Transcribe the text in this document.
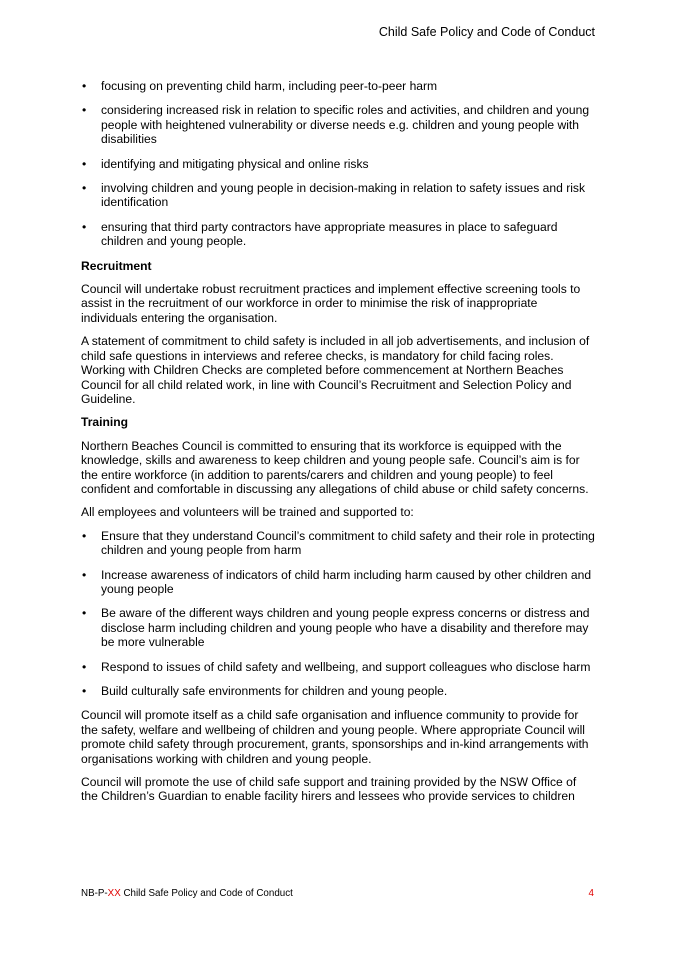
Child Safe Policy and Code of Conduct
• focusing on preventing child harm, including peer-to-peer harm
• considering increased risk in relation to specific roles and activities, and children and young people with heightened vulnerability or diverse needs e.g. children and young people with disabilities
• identifying and mitigating physical and online risks
• involving children and young people in decision-making in relation to safety issues and risk identification
• ensuring that third party contractors have appropriate measures in place to safeguard children and young people.
Recruitment

Council will undertake robust recruitment practices and implement effective screening tools to assist in the recruitment of our workforce in order to minimise the risk of inappropriate individuals entering the organisation.

A statement of commitment to child safety is included in all job advertisements, and inclusion of child safe questions in interviews and referee checks, is mandatory for child facing roles. Working with Children Checks are completed before commencement at Northern Beaches Council for all child related work, in line with Council’s Recruitment and Selection Policy and Guideline.

Training

Northern Beaches Council is committed to ensuring that its workforce is equipped with the knowledge, skills and awareness to keep children and young people safe. Council’s aim is for the entire workforce (in addition to parents/carers and children and young people) to feel confident and comfortable in discussing any allegations of child abuse or child safety concerns.

All employees and volunteers will be trained and supported to:

• Ensure that they understand Council’s commitment to child safety and their role in protecting children and young people from harm
• Increase awareness of indicators of child harm including harm caused by other children and young people
• Be aware of the different ways children and young people express concerns or distress and disclose harm including children and young people who have a disability and therefore may be more vulnerable
• Respond to issues of child safety and wellbeing, and support colleagues who disclose harm
• Build culturally safe environments for children and young people.

Council will promote itself as a child safe organisation and influence community to provide for the safety, welfare and wellbeing of children and young people. Where appropriate Council will promote child safety through procurement, grants, sponsorships and in-kind arrangements with organisations working with children and young people.

Council will promote the use of child safe support and training provided by the NSW Office of the Children’s Guardian to enable facility hirers and lessees who provide services to children

NB-P-XX Child Safe Policy and Code of Conduct	4
